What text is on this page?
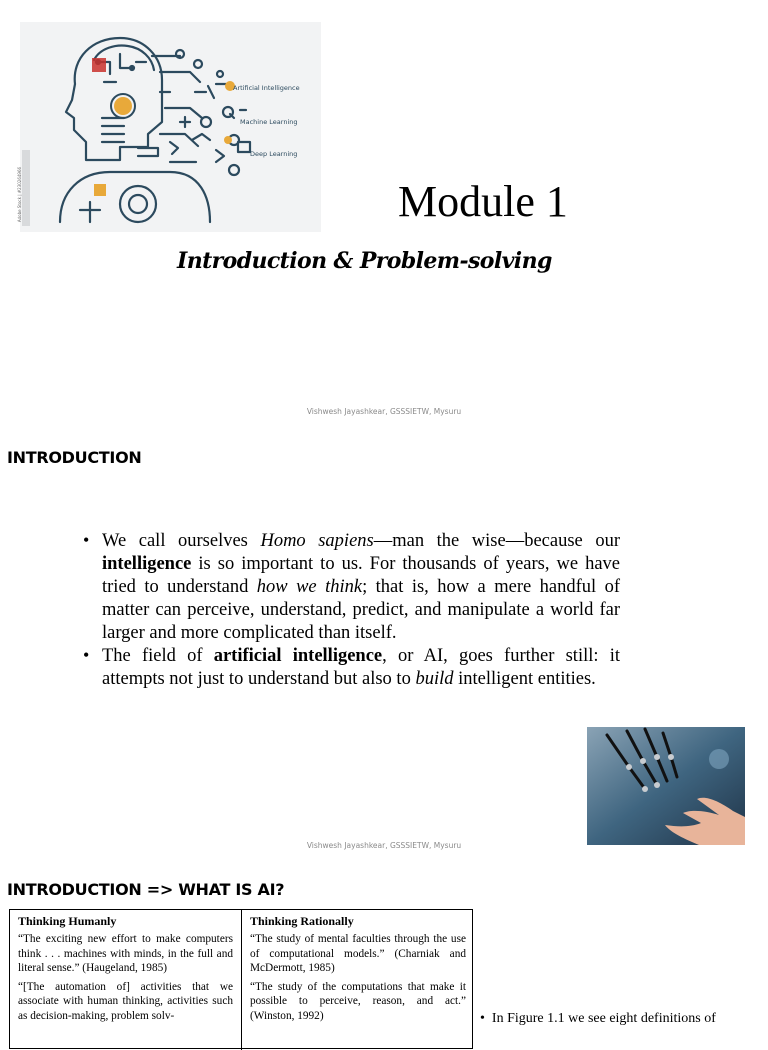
Artificial Intelligence
Machine Learning
Deep Learning
Adobe Stock | #230264966	Module 1
Introduction & Problem-solving
Vishwesh Jayashkear, GSSSIETW, Mysuru
INTRODUCTION

• We call ourselves Homo sapiens—man the wise—because our intelligence is so important to us. For thousands of years, we have tried to understand how we think; that is, how a mere handful of matter can perceive, understand, predict, and manipulate a world far larger and more complicated than itself.

• The field of artificial intelligence, or AI, goes further still: it attempts not just to understand but also to build intelligent entities.

Vishwesh Jayashkear, GSSSIETW, Mysuru
INTRODUCTION => WHAT IS AI?
Thinking Humanly
“The exciting new effort to make computers think . . . machines with minds, in the full and literal sense.” (Haugeland, 1985)
“[The automation of] activities that we associate with human thinking, activities such as decision-making, problem solv-
Thinking Rationally
“The study of mental faculties through the use of computational models.” (Charniak and McDermott, 1985)
“The study of the computations that make it possible to perceive, reason, and act.” (Winston, 1992)	•  In Figure 1.1 we see eight definitions of
